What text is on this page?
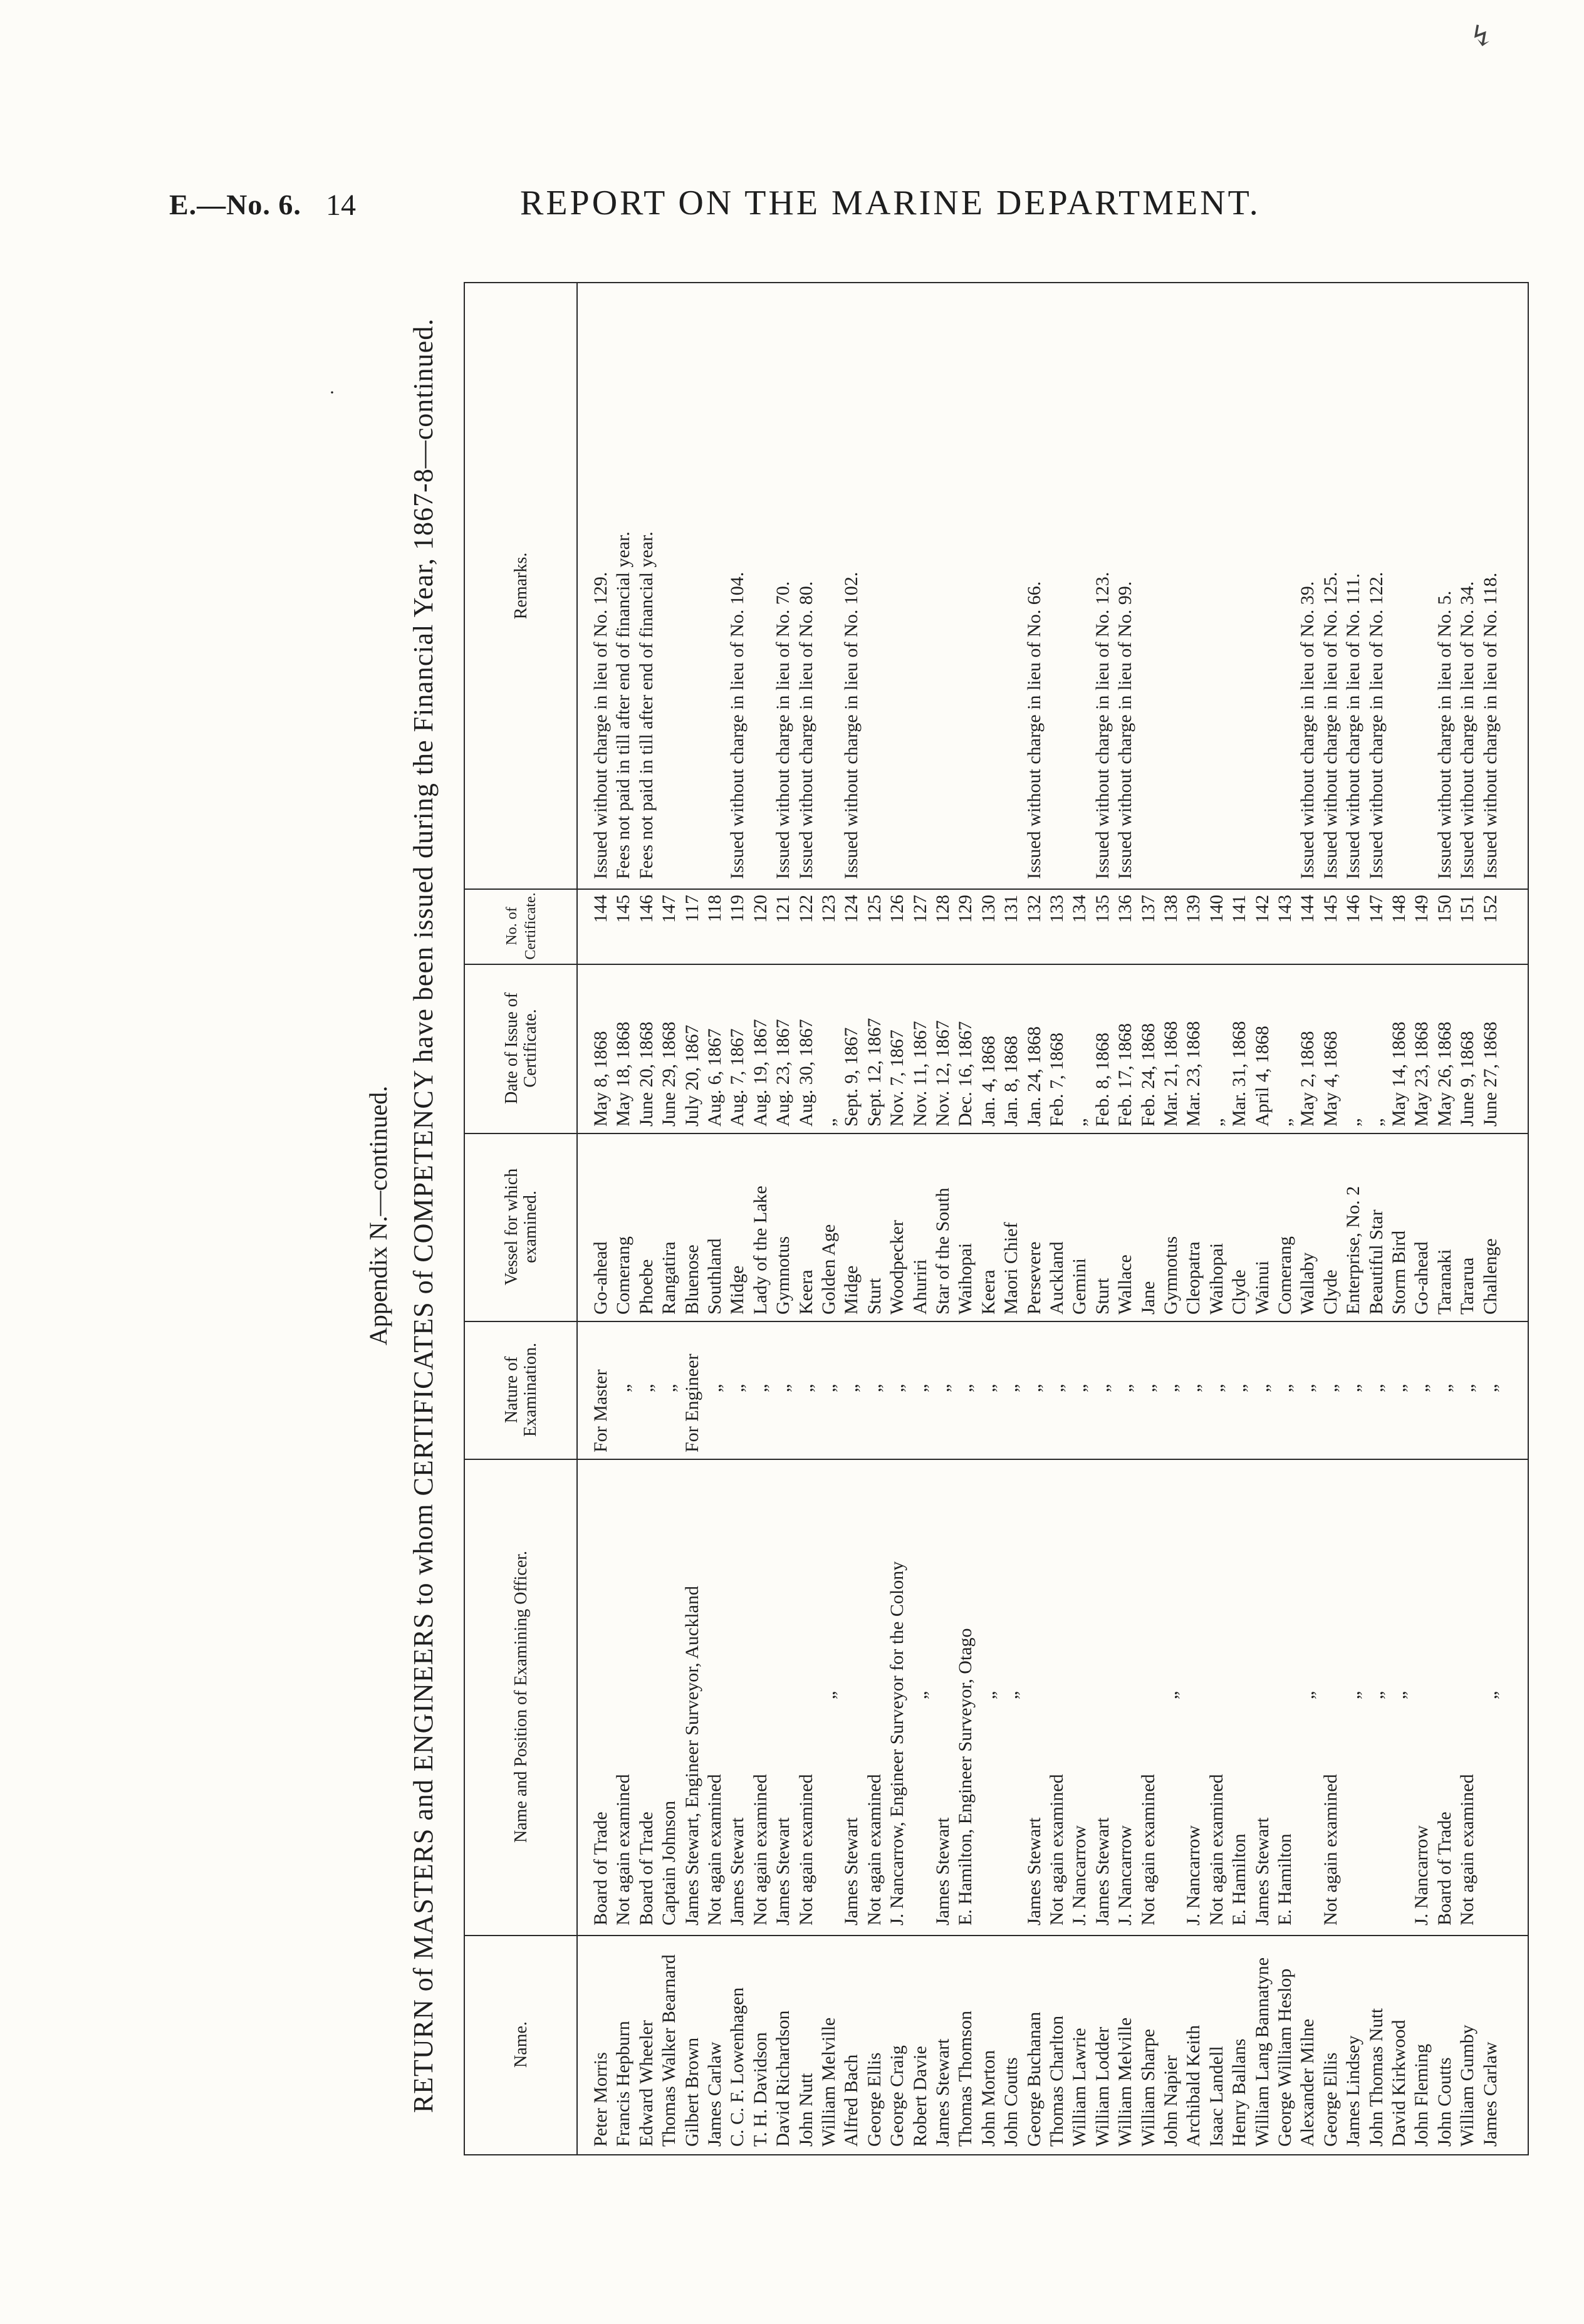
↯
·
E.—No. 6. 14	REPORT ON THE MARINE DEPARTMENT.
Appendix N.—continued. RETURN of MASTERS and ENGINEERS to whom CERTIFICATES of COMPETENCY have been issued during the Financial Year, 1867-8—continued.	Name.
Name and Position of Examining Officer.
Nature of Examination.
Vessel for which examined.
Date of Issue of Certificate.
No. of Certificate.
Remarks.
Peter Morris
Board of Trade
For Master
Go-ahead
May 8, 1868
144
Issued without charge in lieu of No. 129.
Francis Hepburn
Not again examined
„
Comerang
May 18, 1868
145
Fees not paid in till after end of financial year.
Edward Wheeler
Board of Trade
„
Phoebe
June 20, 1868
146
Fees not paid in till after end of financial year.
Thomas Walker Bearnard
Captain Johnson
„
Rangatira
June 29, 1868
147
Gilbert Brown
James Stewart, Engineer Surveyor, Auckland
For Engineer
Bluenose
July 20, 1867
117
James Carlaw
Not again examined
„
Southland
Aug. 6, 1867
118
C. C. F. Lowenhagen
James Stewart
„
Midge
Aug. 7, 1867
119
Issued without charge in lieu of No. 104.
T. H. Davidson
Not again examined
„
Lady of the Lake
Aug. 19, 1867
120
David Richardson
James Stewart
„
Gymnotus
Aug. 23, 1867
121
Issued without charge in lieu of No. 70.
John Nutt
Not again examined
„
Keera
Aug. 30, 1867
122
Issued without charge in lieu of No. 80.
William Melville
„
„
Golden Age
„
123
Alfred Bach
James Stewart
„
Midge
Sept. 9, 1867
124
Issued without charge in lieu of No. 102.
George Ellis
Not again examined
„
Sturt
Sept. 12, 1867
125
George Craig
J. Nancarrow, Engineer Surveyor for the Colony
„
Woodpecker
Nov. 7, 1867
126
Robert Davie
„
„
Ahuriri
Nov. 11, 1867
127
James Stewart
James Stewart
„
Star of the South
Nov. 12, 1867
128
Thomas Thomson
E. Hamilton, Engineer Surveyor, Otago
„
Waihopai
Dec. 16, 1867
129
John Morton
„
„
Keera
Jan. 4, 1868
130
John Coutts
„
„
Maori Chief
Jan. 8, 1868
131
George Buchanan
James Stewart
„
Persevere
Jan. 24, 1868
132
Issued without charge in lieu of No. 66.
Thomas Charlton
Not again examined
„
Auckland
Feb. 7, 1868
133
William Lawrie
J. Nancarrow
„
Gemini
„
134
William Lodder
James Stewart
„
Sturt
Feb. 8, 1868
135
Issued without charge in lieu of No. 123.
William Melville
J. Nancarrow
„
Wallace
Feb. 17, 1868
136
Issued without charge in lieu of No. 99.
William Sharpe
Not again examined
„
Jane
Feb. 24, 1868
137
John Napier
„
„
Gymnotus
Mar. 21, 1868
138
Archibald Keith
J. Nancarrow
„
Cleopatra
Mar. 23, 1868
139
Isaac Landell
Not again examined
„
Waihopai
„
140
Henry Ballans
E. Hamilton
„
Clyde
Mar. 31, 1868
141
William Lang Bannatyne
James Stewart
„
Wainui
April 4, 1868
142
George William Heslop
E. Hamilton
„
Comerang
„
143
Alexander Milne
„
„
Wallaby
May 2, 1868
144
Issued without charge in lieu of No. 39.
George Ellis
Not again examined
„
Clyde
May 4, 1868
145
Issued without charge in lieu of No. 125.
James Lindsey
„
„
Enterprise, No. 2
„
146
Issued without charge in lieu of No. 111.
John Thomas Nutt
„
„
Beautiful Star
„
147
Issued without charge in lieu of No. 122.
David Kirkwood
„
„
Storm Bird
May 14, 1868
148
John Fleming
J. Nancarrow
„
Go-ahead
May 23, 1868
149
John Coutts
Board of Trade
„
Taranaki
May 26, 1868
150
Issued without charge in lieu of No. 5.
William Gumby
Not again examined
„
Tararua
June 9, 1868
151
Issued without charge in lieu of No. 34.
James Carlaw
„
„
Challenge
June 27, 1868
152
Issued without charge in lieu of No. 118.
